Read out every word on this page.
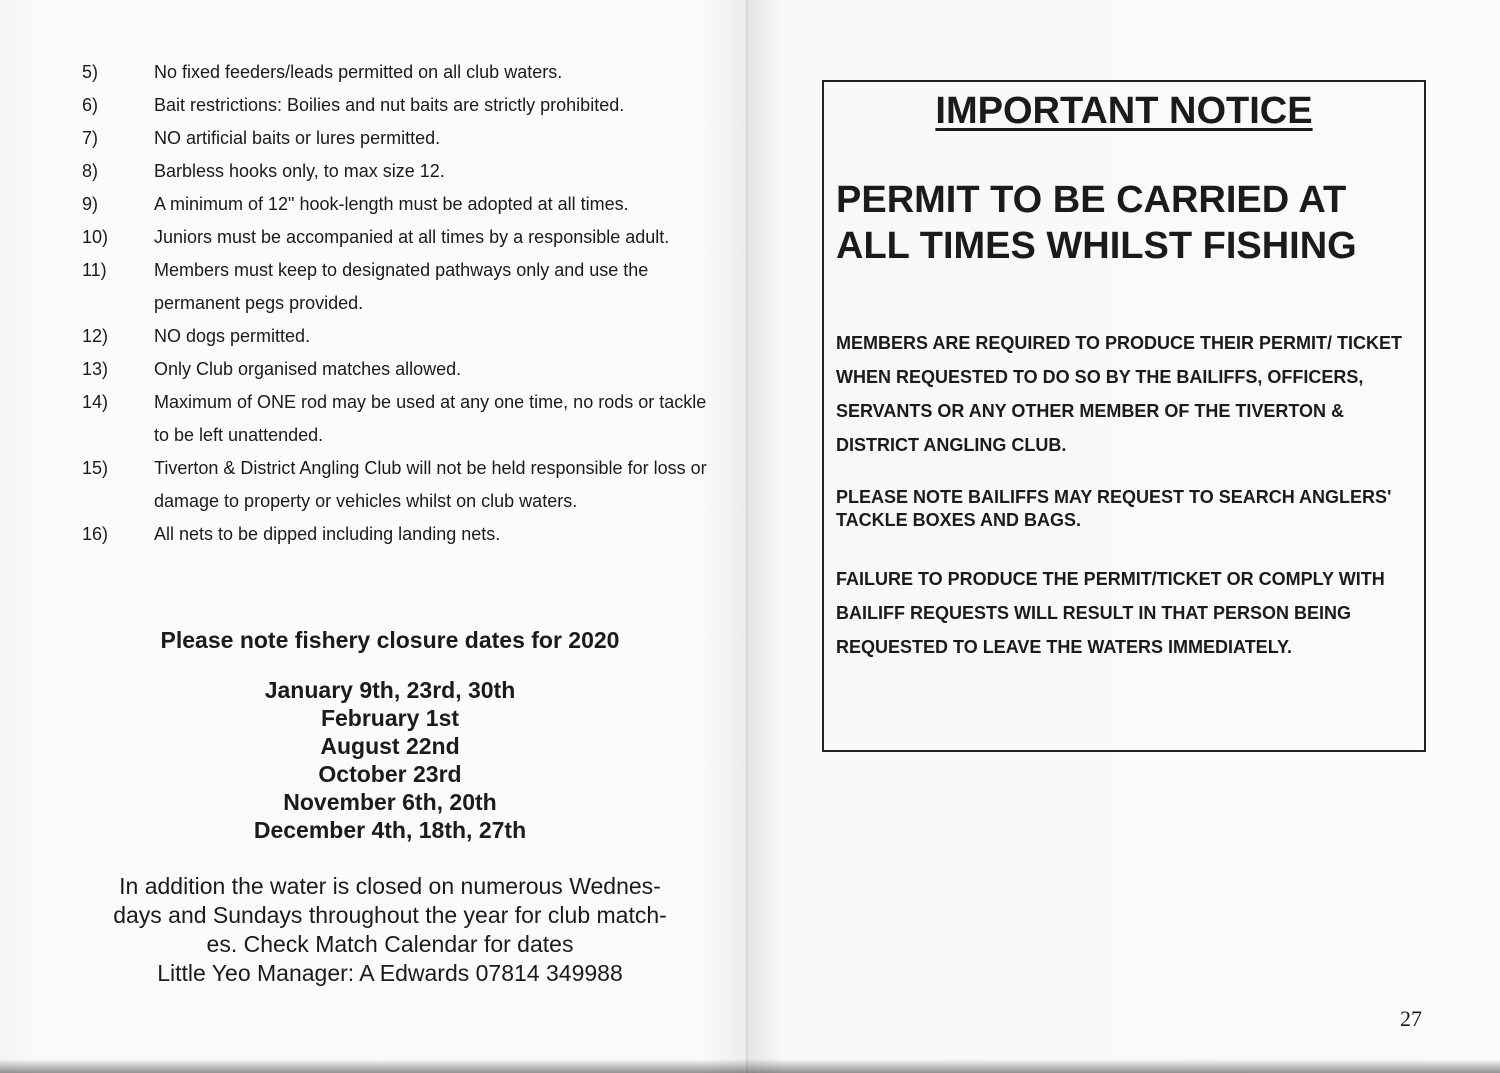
5)	No fixed feeders/leads permitted on all club waters.
6)	Bait restrictions: Boilies and nut baits are strictly prohibited.
7)	NO artificial baits or lures permitted.
8)	Barbless hooks only, to max size 12.
9)	A minimum of 12" hook-length must be adopted at all times.
10)	Juniors must be accompanied at all times by a responsible adult.
11)	Members must keep to designated pathways only and use the permanent pegs provided.
12)	NO dogs permitted.
13)	Only Club organised matches allowed.
14)	Maximum of ONE rod may be used at any one time, no rods or tackle to be left unattended.
15)	Tiverton & District Angling Club will not be held responsible for loss or damage to property or vehicles whilst on club waters.
16)	All nets to be dipped including landing nets.
Please note fishery closure dates for 2020
January 9th, 23rd, 30th
February 1st
August 22nd
October 23rd
November 6th, 20th
December 4th, 18th, 27th
In addition the water is closed on numerous Wednes-
days and Sundays throughout the year for club match-
es. Check Match Calendar for dates
Little Yeo Manager: A Edwards 07814 349988
IMPORTANT NOTICE
PERMIT TO BE CARRIED AT ALL TIMES WHILST FISHING
MEMBERS ARE REQUIRED TO PRODUCE THEIR PERMIT/ TICKET WHEN REQUESTED TO DO SO BY THE BAILIFFS, OFFICERS, SERVANTS OR ANY OTHER MEMBER OF THE TIVERTON & DISTRICT ANGLING CLUB.
PLEASE NOTE BAILIFFS MAY REQUEST TO SEARCH ANGLERS' TACKLE BOXES AND BAGS.
FAILURE TO PRODUCE THE PERMIT/TICKET OR COMPLY WITH BAILIFF REQUESTS WILL RESULT IN THAT PERSON BEING REQUESTED TO LEAVE THE WATERS IMMEDIATELY.
27
